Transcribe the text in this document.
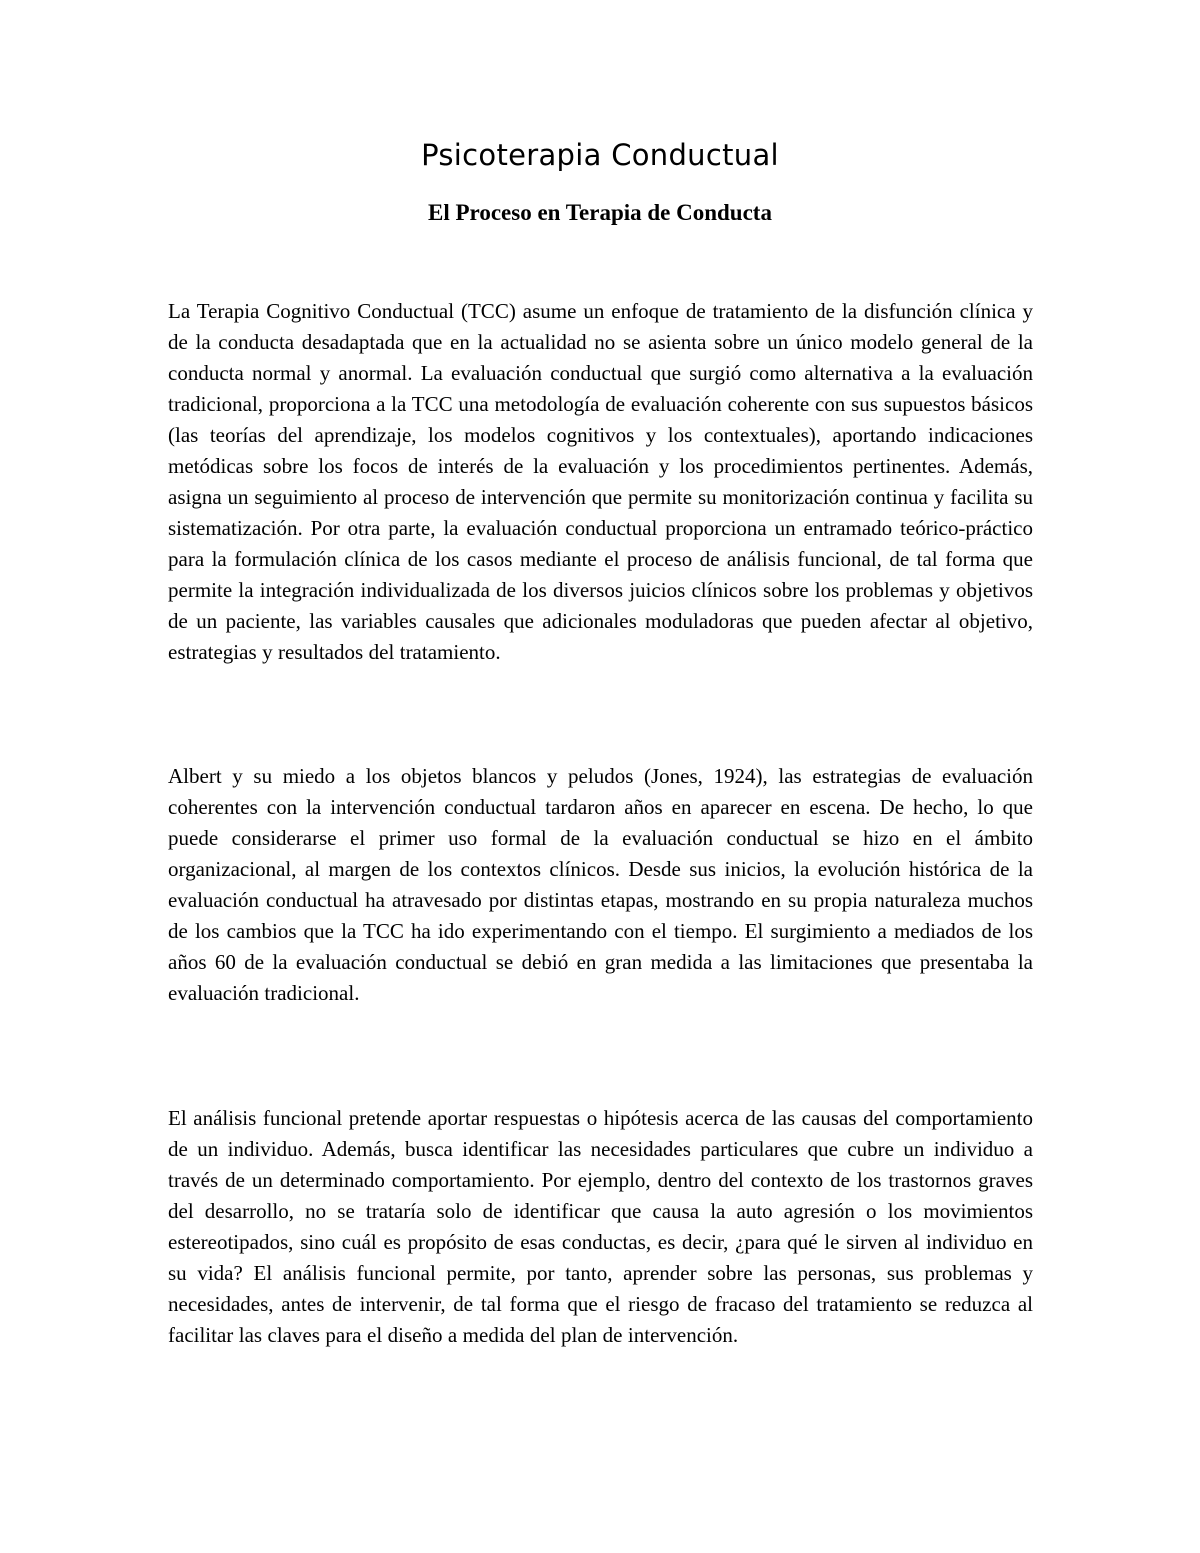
Psicoterapia Conductual
El Proceso en Terapia de Conducta

La Terapia Cognitivo Conductual (TCC) asume un enfoque de tratamiento de la disfunción clínica y de la conducta desadaptada que en la actualidad no se asienta sobre un único modelo general de la conducta normal y anormal. La evaluación conductual que surgió como alternativa a la evaluación tradicional, proporciona a la TCC una metodología de evaluación coherente con sus supuestos básicos (las teorías del aprendizaje, los modelos cognitivos y los contextuales), aportando indicaciones metódicas sobre los focos de interés de la evaluación y los procedimientos pertinentes. Además, asigna un seguimiento al proceso de intervención que permite su monitorización continua y facilita su sistematización. Por otra parte, la evaluación conductual proporciona un entramado teórico-práctico para la formulación clínica de los casos mediante el proceso de análisis funcional, de tal forma que permite la integración individualizada de los diversos juicios clínicos sobre los problemas y objetivos de un paciente, las variables causales que adicionales moduladoras que pueden afectar al objetivo, estrategias y resultados del tratamiento.

Albert y su miedo a los objetos blancos y peludos (Jones, 1924), las estrategias de evaluación coherentes con la intervención conductual tardaron años en aparecer en escena. De hecho, lo que puede considerarse el primer uso formal de la evaluación conductual se hizo en el ámbito organizacional, al margen de los contextos clínicos. Desde sus inicios, la evolución histórica de la evaluación conductual ha atravesado por distintas etapas, mostrando en su propia naturaleza muchos de los cambios que la TCC ha ido experimentando con el tiempo. El surgimiento a mediados de los años 60 de la evaluación conductual se debió en gran medida a las limitaciones que presentaba la evaluación tradicional.

El análisis funcional pretende aportar respuestas o hipótesis acerca de las causas del comportamiento de un individuo. Además, busca identificar las necesidades particulares que cubre un individuo a través de un determinado comportamiento. Por ejemplo, dentro del contexto de los trastornos graves del desarrollo, no se trataría solo de identificar que causa la auto agresión o los movimientos estereotipados, sino cuál es propósito de esas conductas, es decir, ¿para qué le sirven al individuo en su vida? El análisis funcional permite, por tanto, aprender sobre las personas, sus problemas y necesidades, antes de intervenir, de tal forma que el riesgo de fracaso del tratamiento se reduzca al facilitar las claves para el diseño a medida del plan de intervención.
